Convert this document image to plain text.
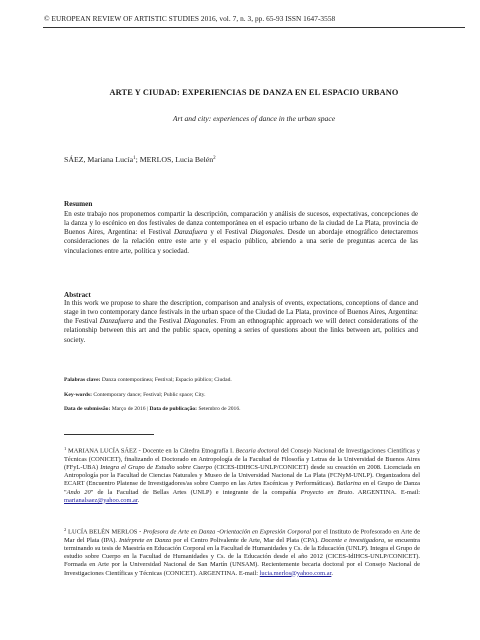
© EUROPEAN REVIEW OF ARTISTIC STUDIES 2016, vol. 7, n. 3, pp. 65-93 ISSN 1647-3558
ARTE Y CIUDAD: EXPERIENCIAS DE DANZA EN EL ESPACIO URBANO
Art and city: experiences of dance in the urban space
SÁEZ, Mariana Lucía$^1$; MERLOS, Lucia Belén$^2$
Resumen
En este trabajo nos proponemos compartir la descripción, comparación y análisis de sucesos, expectativas, concepciones de la danza y lo escénico en dos festivales de danza contemporánea en el espacio urbano de la ciudad de La Plata, provincia de Buenos Aires, Argentina: el Festival Danzafuera y el Festival Diagonales. Desde un abordaje etnográfico detectaremos consideraciones de la relación entre este arte y el espacio público, abriendo a una serie de preguntas acerca de las vinculaciones entre arte, política y sociedad.
Abstract
In this work we propose to share the description, comparison and analysis of events, expectations, conceptions of dance and stage in two contemporary dance festivals in the urban space of the Ciudad de La Plata, province of Buenos Aires, Argentina: the Festival Danzafuera and the Festival Diagonales. From an ethnographic approach we will detect considerations of the relationship between this art and the public space, opening a series of questions about the links between art, politics and society.
Palabras clave: Danza contemporánea; Festival; Espacio público; Ciudad.
Key-words: Contemporary dance; Festival; Public space; City.
Data de submissão: Março de 2016 | Data de publicação: Setembro de 2016.
$^1$ MARIANA LUCÍA SÁEZ - Docente en la Cátedra Etnografía I. Becaria doctoral del Consejo Nacional de Investigaciones Científicas y Técnicas (CONICET), finalizando el Doctorado en Antropología de la Facultad de Filosofía y Letras de la Universidad de Buenos Aires (FFyL-UBA) Integra el Grupo de Estudio sobre Cuerpo (CICES-IDIHCS-UNLP/CONICET) desde su creación en 2008. Licenciada en Antropología por la Facultad de Ciencias Naturales y Museo de la Universidad Nacional de La Plata (FCNyM-UNLP). Organizadora del ECART (Encuentro Platense de Investigadores/as sobre Cuerpo en las Artes Escénicas y Performáticas). Bailarina en el Grupo de Danza "Ando 20" de la Facultad de Bellas Artes (UNLP) e integrante de la compañía Proyecto en Bruto. ARGENTINA. E-mail: marianalsaez@yahoo.com.ar.
$^2$ LUCÍA BELÉN MERLOS - Profesora de Arte en Danza -Orientación en Expresión Corporal por el Instituto de Profesorado en Arte de Mar del Plata (IPA). Intérprete en Danza por el Centro Polivalente de Arte, Mar del Plata (CPA). Docente e investigadora, se encuentra terminando su tesis de Maestría en Educación Corporal en la Facultad de Humanidades y Cs. de la Educación (UNLP). Integra el Grupo de estudio sobre Cuerpo en la Facultad de Humanidades y Cs. de la Educación desde el año 2012 (CICES-IdIHCS-UNLP/CONICET). Formada en Arte por la Universidad Nacional de San Martín (UNSAM). Recientemente becaria doctoral por el Consejo Nacional de Investigaciones Científicas y Técnicas (CONICET). ARGENTINA. E-mail: lucia.merlos@yahoo.com.ar.
